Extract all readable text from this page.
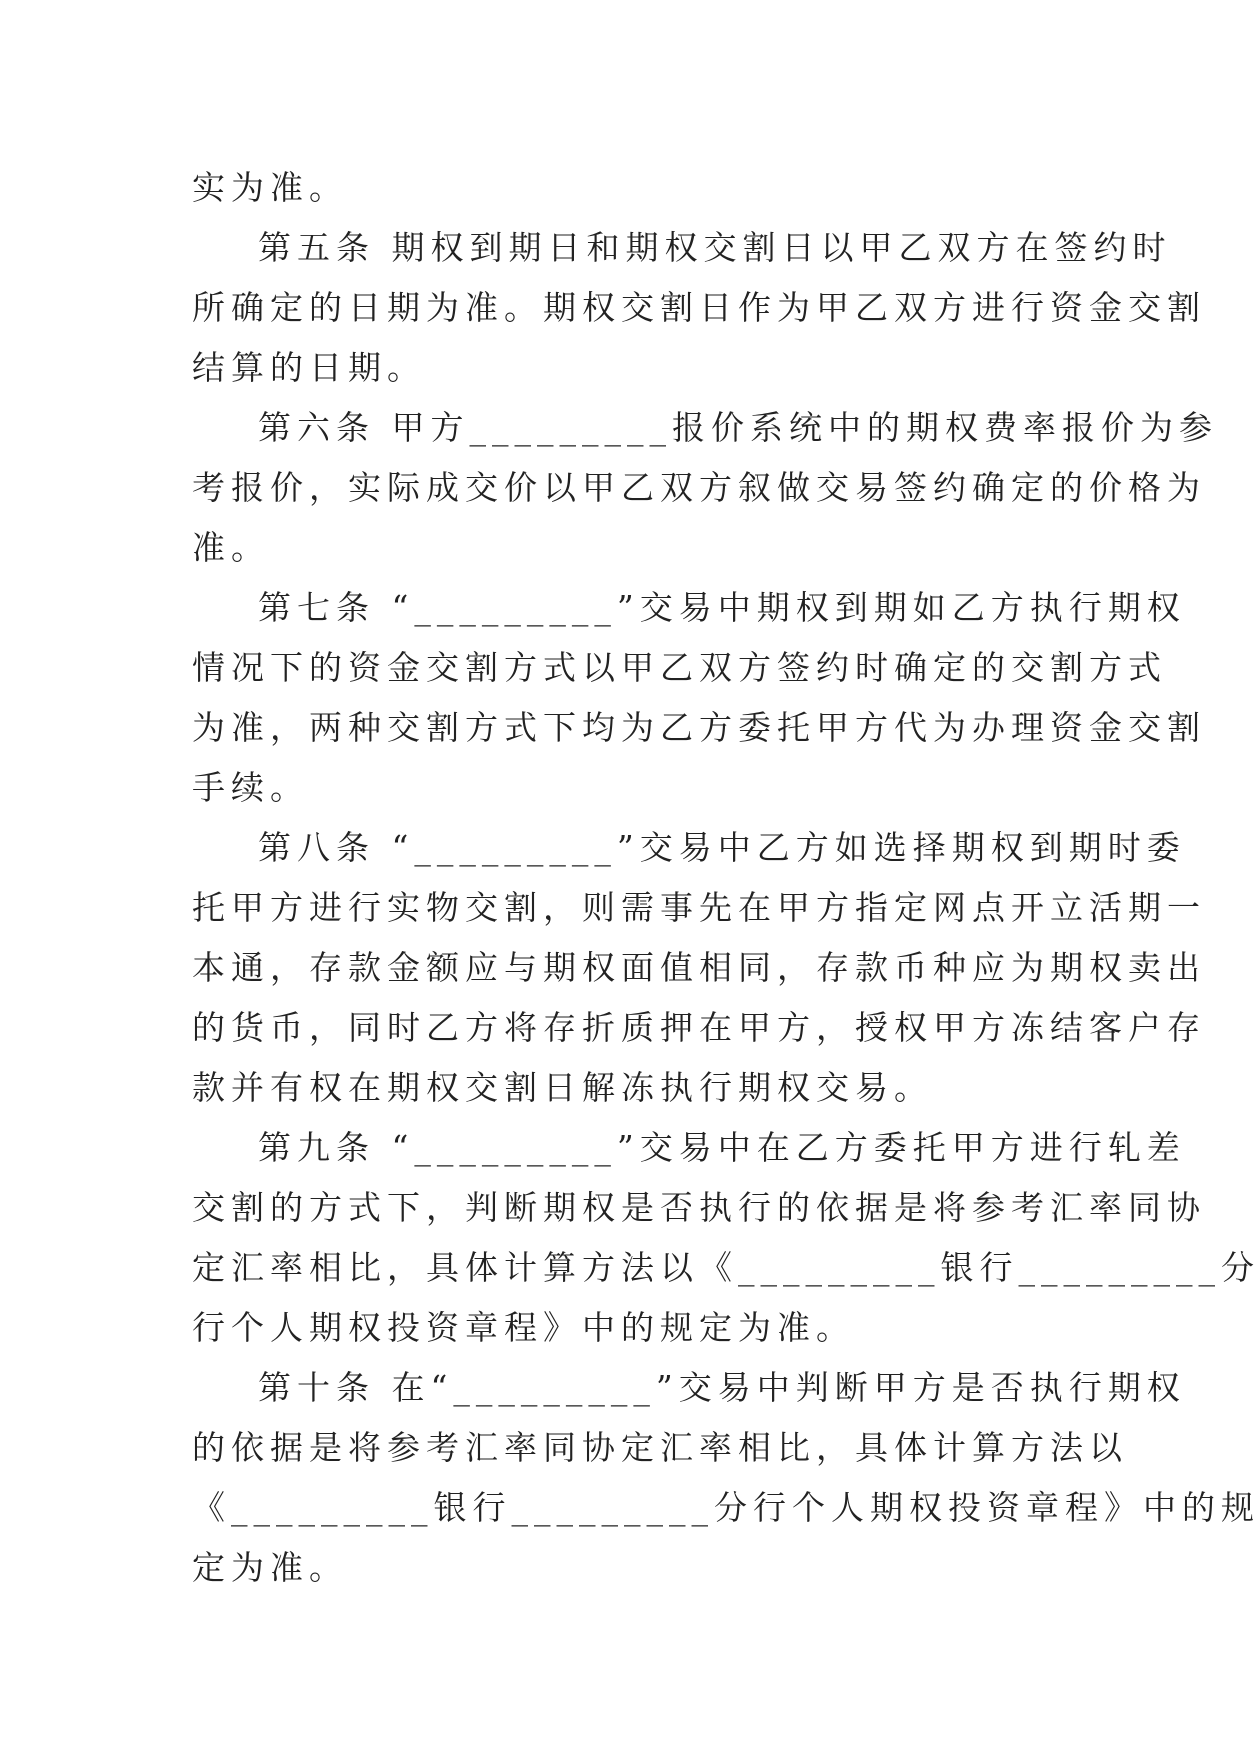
实为准。
第五条 期权到期日和期权交割日以甲乙双方在签约时
所确定的日期为准。期权交割日作为甲乙双方进行资金交割
结算的日期。
第六条 甲方_________报价系统中的期权费率报价为参
考报价，实际成交价以甲乙双方叙做交易签约确定的价格为
准。
第七条 “_________”交易中期权到期如乙方执行期权
情况下的资金交割方式以甲乙双方签约时确定的交割方式
为准，两种交割方式下均为乙方委托甲方代为办理资金交割
手续。
第八条 “_________”交易中乙方如选择期权到期时委
托甲方进行实物交割，则需事先在甲方指定网点开立活期一
本通，存款金额应与期权面值相同，存款币种应为期权卖出
的货币，同时乙方将存折质押在甲方，授权甲方冻结客户存
款并有权在期权交割日解冻执行期权交易。
第九条 “_________”交易中在乙方委托甲方进行轧差
交割的方式下，判断期权是否执行的依据是将参考汇率同协
定汇率相比，具体计算方法以《_________银行_________分
行个人期权投资章程》中的规定为准。
第十条 在“_________”交易中判断甲方是否执行期权
的依据是将参考汇率同协定汇率相比，具体计算方法以
《_________银行_________分行个人期权投资章程》中的规
定为准。
